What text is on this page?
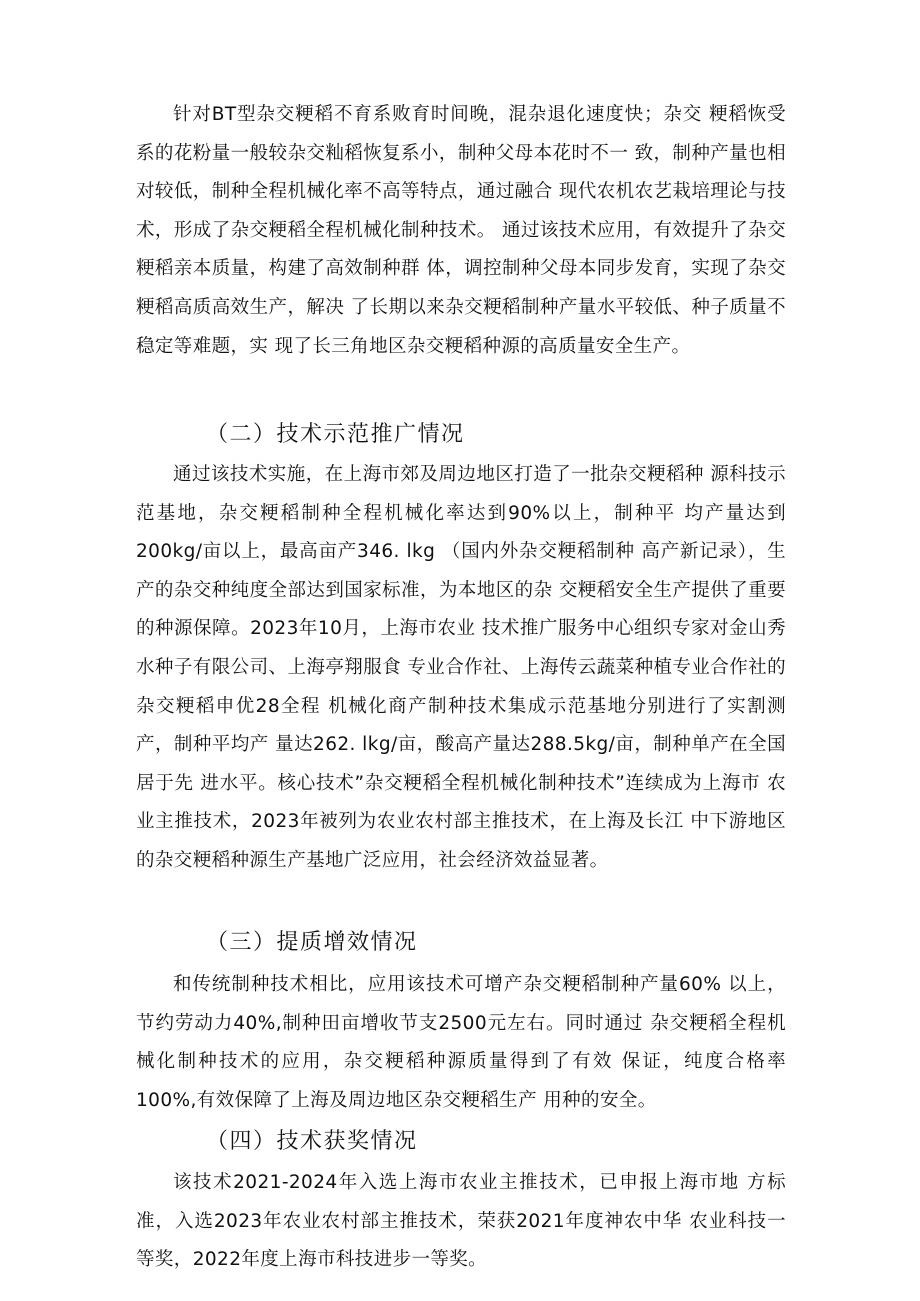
针对BT型杂交粳稻不育系败育时间晚，混杂退化速度快；杂交 粳稻恢受系的花粉量一般较杂交籼稻恢复系小，制种父母本花时不一 致，制种产量也相对较低，制种全程机械化率不高等特点，通过融合 现代农机农艺栽培理论与技术，形成了杂交粳稻全程机械化制种技术。 通过该技术应用，有效提升了杂交粳稻亲本质量，构建了高效制种群 体，调控制种父母本同步发育，实现了杂交粳稻高质高效生产，解决 了长期以来杂交粳稻制种产量水平较低、种子质量不稳定等难题，实 现了长三角地区杂交粳稻种源的高质量安全生产。

（二）技术示范推广情况

通过该技术实施，在上海市郊及周边地区打造了一批杂交粳稻种 源科技示范基地，杂交粳稻制种全程机械化率达到90%以上，制种平 均产量达到200kg/亩以上，最高亩产346. lkg （国内外杂交粳稻制种 高产新记录），生产的杂交种纯度全部达到国家标准，为本地区的杂 交粳稻安全生产提供了重要的种源保障。2023年10月，上海市农业 技术推广服务中心组织专家对金山秀水种子有限公司、上海亭翔服食 专业合作社、上海传云蔬菜种植专业合作社的杂交粳稻申优28全程 机械化商产制种技术集成示范基地分别进行了实割测产，制种平均产 量达262. lkg/亩，酸高产量达288.5kg/亩，制种单产在全国居于先 进水平。核心技术”杂交粳稻全程机械化制种技术”连续成为上海市 农业主推技术，2023年被列为农业农村部主推技术，在上海及长江 中下游地区的杂交粳稻种源生产基地广泛应用，社会经济效益显著。

（三）提质增效情况

和传统制种技术相比，应用该技术可增产杂交粳稻制种产量60% 以上，节约劳动力40%,制种田亩增收节支2500元左右。同时通过 杂交粳稻全程机械化制种技术的应用，杂交粳稻种源质量得到了有效 保证，纯度合格率100%,有效保障了上海及周边地区杂交粳稻生产 用种的安全。

（四）技术获奖情况

该技术2021-2024年入选上海市农业主推技术，已申报上海市地 方标准，入选2023年农业农村部主推技术，荣获2021年度神农中华 农业科技一等奖，2022年度上海市科技进步一等奖。
